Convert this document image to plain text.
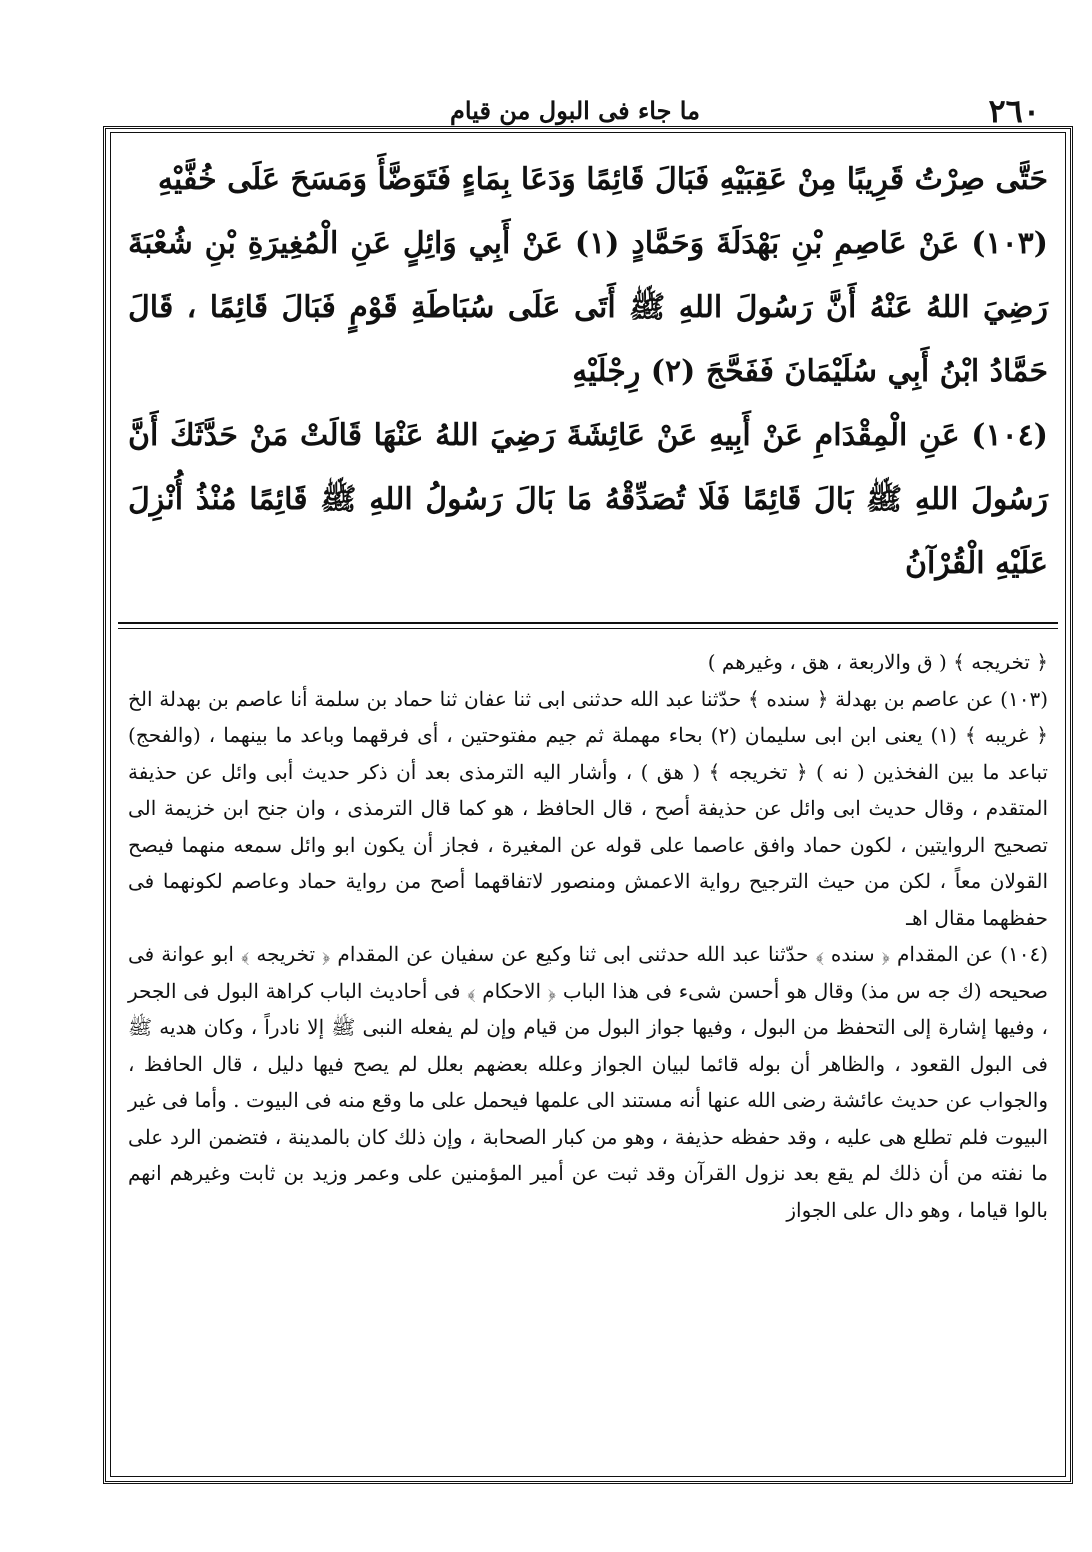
٢٦٠
ما جاء فى البول من قيام

حَتَّى صِرْتُ قَرِيبًا مِنْ عَقِبَيْهِ فَبَالَ قَائِمًا وَدَعَا بِمَاءٍ فَتَوَضَّأَ وَمَسَحَ عَلَى خُفَّيْهِ

(١٠٣) عَنْ عَاصِمِ بْنِ بَهْدَلَةَ وَحَمَّادٍ (١) عَنْ أَبِي وَائِلٍ عَنِ الْمُغِيرَةِ بْنِ شُعْبَةَ رَضِيَ اللهُ عَنْهُ أَنَّ رَسُولَ اللهِ ﷺ أَتَى عَلَى سُبَاطَةِ قَوْمٍ فَبَالَ قَائِمًا ، قَالَ حَمَّادُ ابْنُ أَبِي سُلَيْمَانَ فَفَحَّجَ (٢) رِجْلَيْهِ

(١٠٤) عَنِ الْمِقْدَامِ عَنْ أَبِيهِ عَنْ عَائِشَةَ رَضِيَ اللهُ عَنْهَا قَالَتْ مَنْ حَدَّثَكَ أَنَّ رَسُولَ اللهِ ﷺ بَالَ قَائِمًا فَلَا تُصَدِّقْهُ مَا بَالَ رَسُولُ اللهِ ﷺ قَائِمًا مُنْذُ أُنْزِلَ عَلَيْهِ الْقُرْآنُ

﴿ تخريجه ﴾ ( ق والاربعة ، هق ، وغيرهم )

(١٠٣) عن عاصم بن بهدلة ﴿ سنده ﴾ حدّثنا عبد الله حدثنى ابى ثنا عفان ثنا حماد بن سلمة أنا عاصم بن بهدلة الخ ﴿ غريبه ﴾ (١) يعنى ابن ابى سليمان (٢) بحاء مهملة ثم جيم مفتوحتين ، أى فرقهما وباعد ما بينهما ، (والفحج) تباعد ما بين الفخذين ( نه ) ﴿ تخريجه ﴾ ( هق ) ، وأشار اليه الترمذى بعد أن ذكر حديث أبى وائل عن حذيفة المتقدم ، وقال حديث ابى وائل عن حذيفة أصح ، قال الحافظ ، هو كما قال الترمذى ، وان جنح ابن خزيمة الى تصحيح الروايتين ، لكون حماد وافق عاصما على قوله عن المغيرة ، فجاز أن يكون ابو وائل سمعه منهما فيصح القولان معاً ، لكن من حيث الترجيح رواية الاعمش ومنصور لاتفاقهما أصح من رواية حماد وعاصم لكونهما فى حفظهما مقال اهـ

(١٠٤) عن المقدام ﴿ سنده ﴾ حدّثنا عبد الله حدثنى ابى ثنا وكيع عن سفيان عن المقدام ﴿ تخريجه ﴾ ابو عوانة فى صحيحه (ك جه س مذ) وقال هو أحسن شىء فى هذا الباب ﴿ الاحكام ﴾ فى أحاديث الباب كراهة البول فى الجحر ، وفيها إشارة إلى التحفظ من البول ، وفيها جواز البول من قيام وإن لم يفعله النبى ﷺ إلا نادراً ، وكان هديه ﷺ فى البول القعود ، والظاهر أن بوله قائما لبيان الجواز وعلله بعضهم بعلل لم يصح فيها دليل ، قال الحافظ ، والجواب عن حديث عائشة رضى الله عنها أنه مستند الى علمها فيحمل على ما وقع منه فى البيوت . وأما فى غير البيوت فلم تطلع هى عليه ، وقد حفظه حذيفة ، وهو من كبار الصحابة ، وإن ذلك كان بالمدينة ، فتضمن الرد على ما نفته من أن ذلك لم يقع بعد نزول القرآن وقد ثبت عن أمير المؤمنين على وعمر وزيد بن ثابت وغيرهم انهم بالوا قياما ، وهو دال على الجواز
